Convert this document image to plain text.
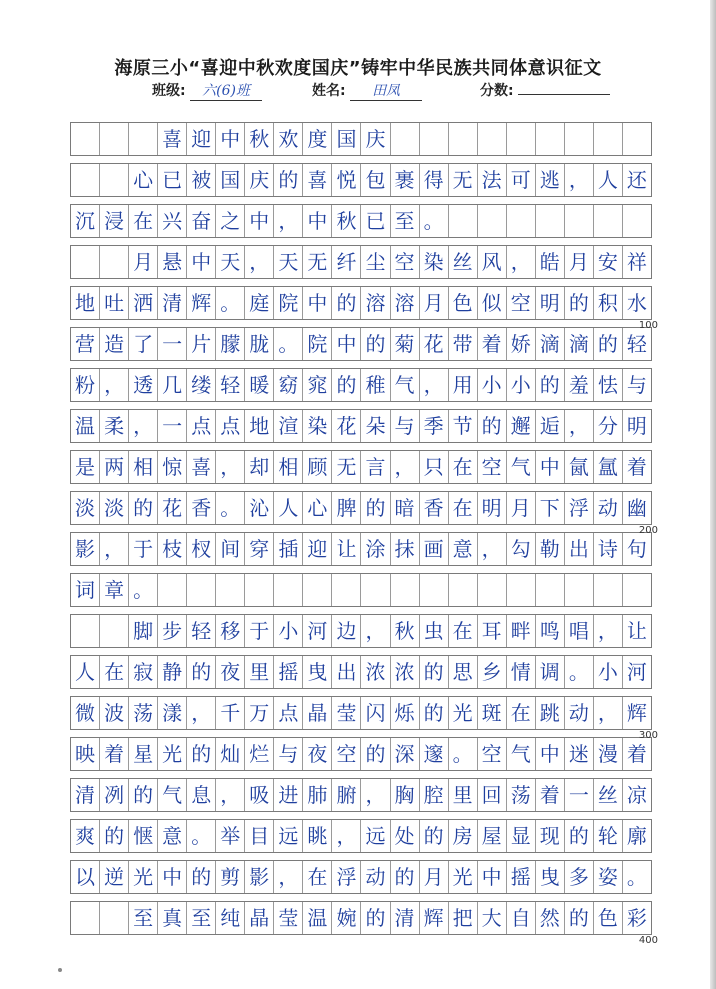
海原三小“喜迎中秋欢度国庆”铸牢中华民族共同体意识征文
班级: 六(6)班	姓名: 田凤	分数:
喜 迎 中 秋 欢 度 国 庆
心 已 被 国 庆 的 喜 悦 包 裹 得 无 法 可 逃 ， 人 还
沉 浸 在 兴 奋 之 中 ， 中 秋 已 至 。
月 悬 中 天 ， 天 无 纤 尘 空 染 丝 风 ， 皓 月 安 祥
地 吐 洒 清 辉 。 庭 院 中 的 溶 溶 月 色 似 空 明 的 积 水
营 造 了 一 片 朦 胧 。 院 中 的 菊 花 带 着 娇 滴 滴 的 轻
粉 ， 透 几 缕 轻 暖 窈 窕 的 稚 气 ， 用 小 小 的 羞 怯 与
温 柔 ， 一 点 点 地 渲 染 花 朵 与 季 节 的 邂 逅 ， 分 明
是 两 相 惊 喜 ， 却 相 顾 无 言 ， 只 在 空 气 中 氤 氲 着
淡 淡 的 花 香 。 沁 人 心 脾 的 暗 香 在 明 月 下 浮 动 幽
影 ， 于 枝 杈 间 穿 插 迎 让 涂 抹 画 意 ， 勾 勒 出 诗 句
词 章 。
脚 步 轻 移 于 小 河 边 ， 秋 虫 在 耳 畔 鸣 唱 ， 让
人 在 寂 静 的 夜 里 摇 曳 出 浓 浓 的 思 乡 情 调 。 小 河
微 波 荡 漾 ， 千 万 点 晶 莹 闪 烁 的 光 斑 在 跳 动 ， 辉
映 着 星 光 的 灿 烂 与 夜 空 的 深 邃 。 空 气 中 迷 漫 着
清 冽 的 气 息 ， 吸 进 肺 腑 ， 胸 腔 里 回 荡 着 一 丝 凉
爽 的 惬 意 。 举 目 远 眺 ， 远 处 的 房 屋 显 现 的 轮 廓
以 逆 光 中 的 剪 影 ， 在 浮 动 的 月 光 中 摇 曳 多 姿 。
至 真 至 纯 晶 莹 温 婉 的 清 辉 把 大 自 然 的 色 彩
100
200
300
400
